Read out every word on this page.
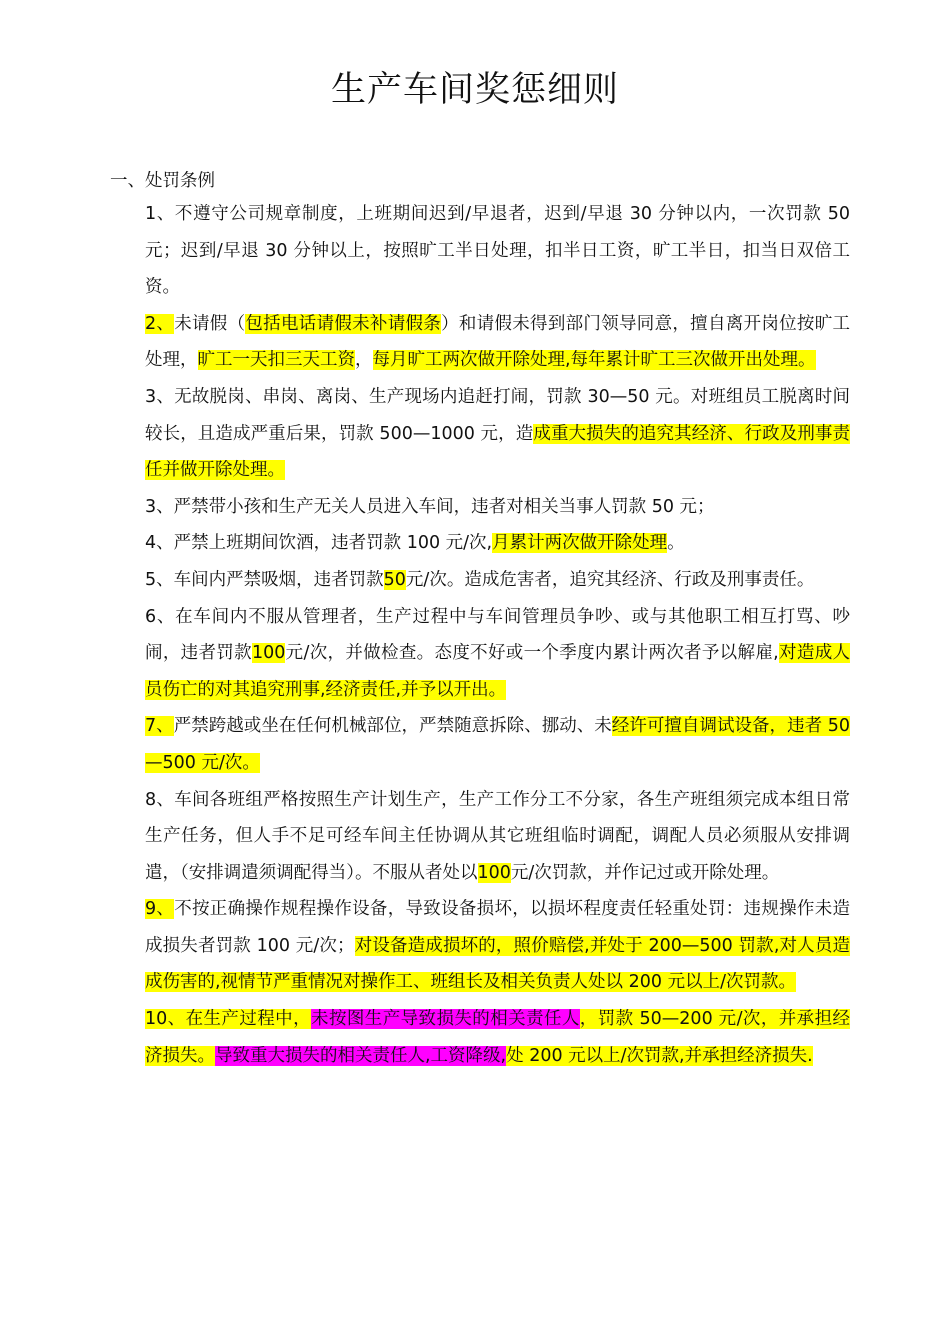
生产车间奖惩细则

一、处罚条例

1、不遵守公司规章制度，上班期间迟到/早退者，迟到/早退 30 分钟以内，一次罚款 50 元；迟到/早退 30 分钟以上，按照旷工半日处理，扣半日工资，旷工半日，扣当日双倍工资。

2、未请假（包括电话请假未补请假条）和请假未得到部门领导同意，擅自离开岗位按旷工处理，旷工一天扣三天工资，每月旷工两次做开除处理,每年累计旷工三次做开出处理。

3、无故脱岗、串岗、离岗、生产现场内追赶打闹，罚款 30—50 元。对班组员工脱离时间较长，且造成严重后果，罚款 500—1000 元，造成重大损失的追究其经济、行政及刑事责任并做开除处理。

3、严禁带小孩和生产无关人员进入车间，违者对相关当事人罚款 50 元；

4、严禁上班期间饮酒，违者罚款 100 元/次,月累计两次做开除处理。

5、车间内严禁吸烟，违者罚款50元/次。造成危害者，追究其经济、行政及刑事责任。

6、在车间内不服从管理者，生产过程中与车间管理员争吵、或与其他职工相互打骂、吵闹，违者罚款100元/次，并做检查。态度不好或一个季度内累计两次者予以解雇,对造成人员伤亡的对其追究刑事,经济责任,并予以开出。

7、严禁跨越或坐在任何机械部位，严禁随意拆除、挪动、未经许可擅自调试设备，违者 50—500 元/次。

8、车间各班组严格按照生产计划生产，生产工作分工不分家，各生产班组须完成本组日常生产任务，但人手不足可经车间主任协调从其它班组临时调配，调配人员必须服从安排调遣，（安排调遣须调配得当）。不服从者处以100元/次罚款，并作记过或开除处理。

9、不按正确操作规程操作设备，导致设备损坏，以损坏程度责任轻重处罚：违规操作未造成损失者罚款 100 元/次；对设备造成损坏的，照价赔偿,并处于 200—500 罚款,对人员造成伤害的,视情节严重情况对操作工、班组长及相关负责人处以 200 元以上/次罚款。

10、在生产过程中，未按图生产导致损失的相关责任人，罚款 50—200 元/次，并承担经济损失。导致重大损失的相关责任人,工资降级,处 200 元以上/次罚款,并承担经济损失.
